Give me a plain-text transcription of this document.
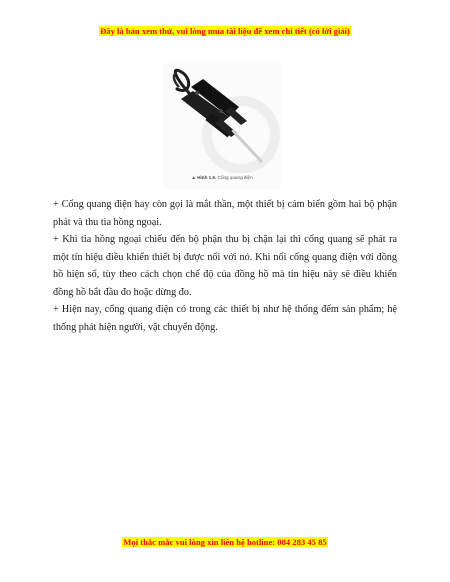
Đây là bản xem thử, vui lòng mua tài liệu để xem chi tiết (có lời giải)
▲ Hình 1.6. Cổng quang điện

+ Cổng quang điện hay còn gọi là mắt thần, một thiết bị cảm biến gồm hai bộ phận phát và thu tia hồng ngoại.

+ Khi tia hồng ngoại chiếu đến bộ phận thu bị chặn lại thì cổng quang sẽ phát ra một tín hiệu điều khiển thiết bị được nối với nó. Khi nối cổng quang điện với đồng hồ hiện số, tùy theo cách chọn chế độ của đồng hồ mà tín hiệu này sẽ điều khiển đồng hồ bắt đầu đo hoặc dừng đo.

+ Hiện nay, cổng quang điện có trong các thiết bị như hệ thống đếm sản phẩm; hệ thống phát hiện người, vật chuyển động.

Mọi thắc mắc vui lòng xin liên hệ hotline: 084 283 45 85
